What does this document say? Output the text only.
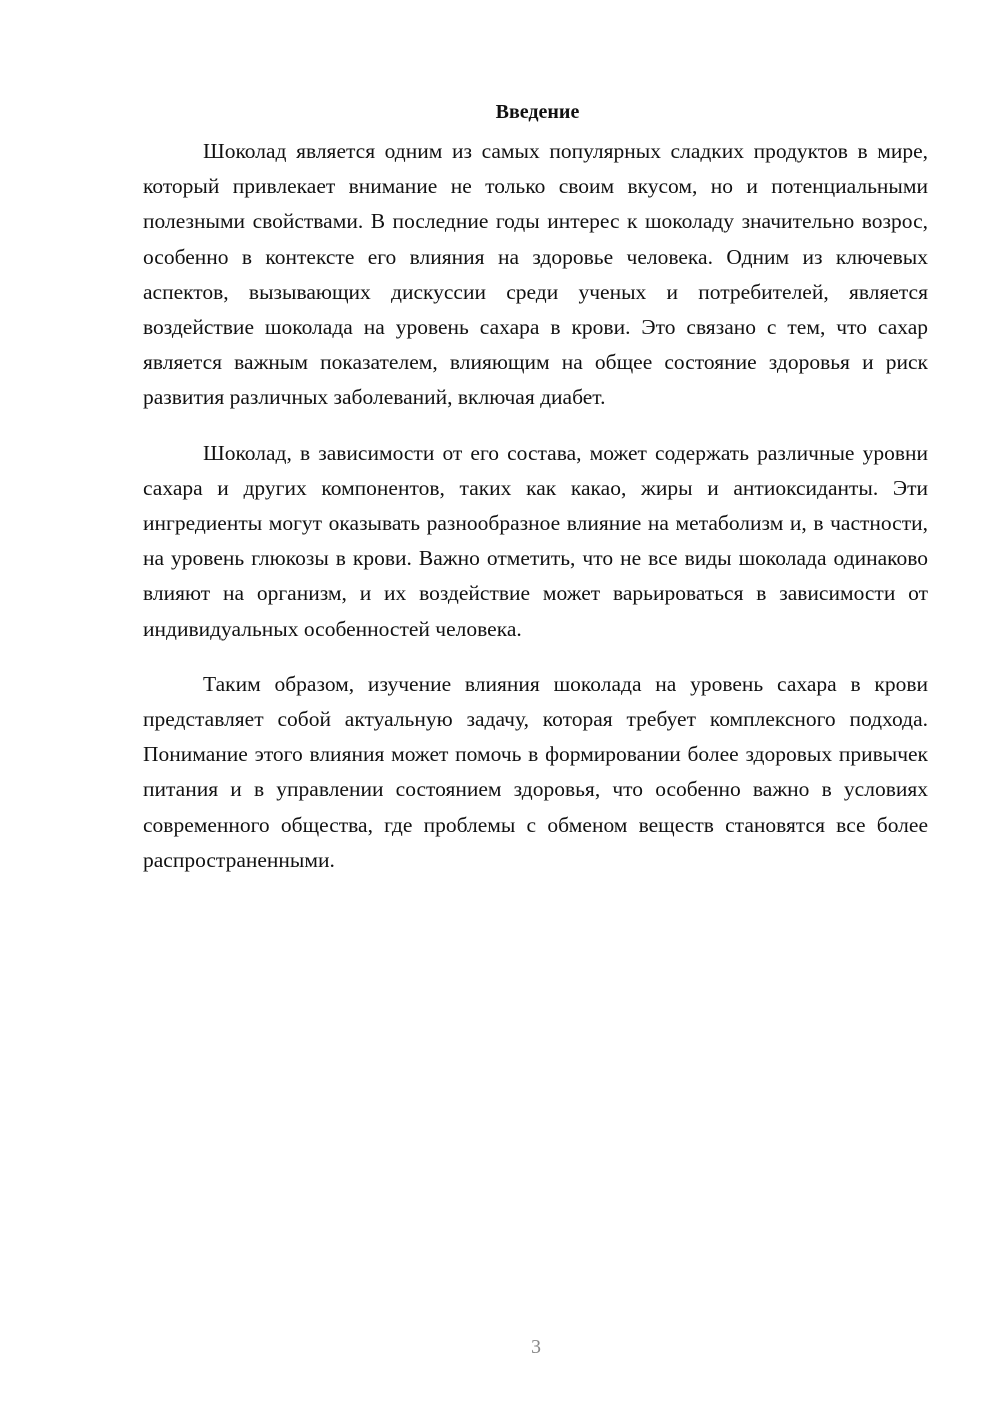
Введение

Шоколад является одним из самых популярных сладких продуктов в мире, который привлекает внимание не только своим вкусом, но и потенциальными полезными свойствами. В последние годы интерес к шоколаду значительно возрос, особенно в контексте его влияния на здоровье человека. Одним из ключевых аспектов, вызывающих дискуссии среди ученых и потребителей, является воздействие шоколада на уровень сахара в крови. Это связано с тем, что сахар является важным показателем, влияющим на общее состояние здоровья и риск развития различных заболеваний, включая диабет.

Шоколад, в зависимости от его состава, может содержать различные уровни сахара и других компонентов, таких как какао, жиры и антиоксиданты. Эти ингредиенты могут оказывать разнообразное влияние на метаболизм и, в частности, на уровень глюкозы в крови. Важно отметить, что не все виды шоколада одинаково влияют на организм, и их воздействие может варьироваться в зависимости от индивидуальных особенностей человека.

Таким образом, изучение влияния шоколада на уровень сахара в крови представляет собой актуальную задачу, которая требует комплексного подхода. Понимание этого влияния может помочь в формировании более здоровых привычек питания и в управлении состоянием здоровья, что особенно важно в условиях современного общества, где проблемы с обменом веществ становятся все более распространенными.

3
